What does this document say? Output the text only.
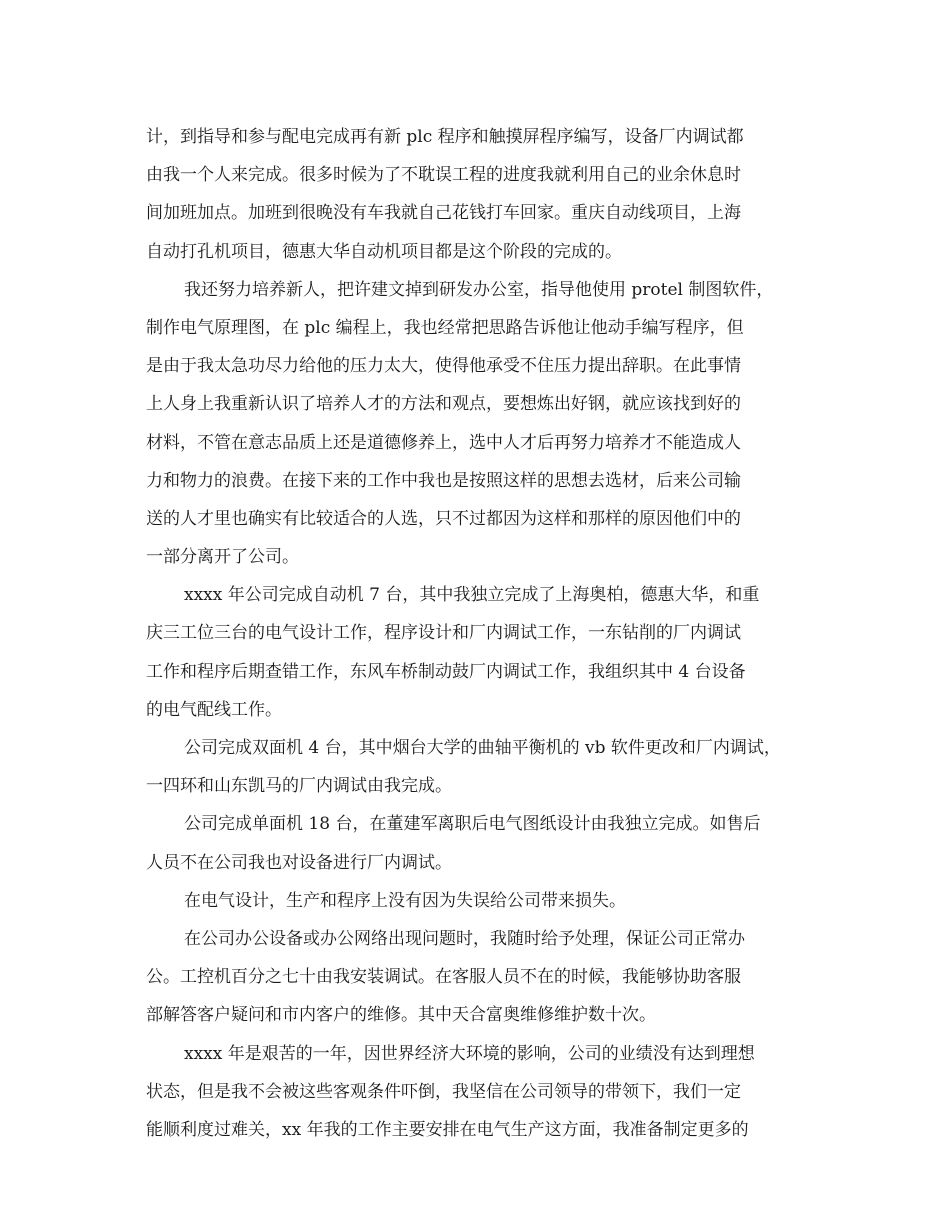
计，到指导和参与配电完成再有新 plc 程序和触摸屏程序编写，设备厂内调试都
由我一个人来完成。很多时候为了不耽误工程的进度我就利用自己的业余休息时
间加班加点。加班到很晚没有车我就自己花钱打车回家。重庆自动线项目，上海
自动打孔机项目，德惠大华自动机项目都是这个阶段的完成的。
我还努力培养新人，把许建文掉到研发办公室，指导他使用 protel 制图软件，
制作电气原理图，在 plc 编程上，我也经常把思路告诉他让他动手编写程序，但
是由于我太急功尽力给他的压力太大，使得他承受不住压力提出辞职。在此事情
上人身上我重新认识了培养人才的方法和观点，要想炼出好钢，就应该找到好的
材料，不管在意志品质上还是道德修养上，选中人才后再努力培养才不能造成人
力和物力的浪费。在接下来的工作中我也是按照这样的思想去选材，后来公司输
送的人才里也确实有比较适合的人选，只不过都因为这样和那样的原因他们中的
一部分离开了公司。
xxxx 年公司完成自动机 7 台，其中我独立完成了上海奥柏，德惠大华，和重
庆三工位三台的电气设计工作，程序设计和厂内调试工作，一东钻削的厂内调试
工作和程序后期查错工作，东风车桥制动鼓厂内调试工作，我组织其中 4 台设备
的电气配线工作。
公司完成双面机 4 台，其中烟台大学的曲轴平衡机的 vb 软件更改和厂内调试，
一四环和山东凯马的厂内调试由我完成。
公司完成单面机 18 台，在董建军离职后电气图纸设计由我独立完成。如售后
人员不在公司我也对设备进行厂内调试。
在电气设计，生产和程序上没有因为失误给公司带来损失。
在公司办公设备或办公网络出现问题时，我随时给予处理，保证公司正常办
公。工控机百分之七十由我安装调试。在客服人员不在的时候，我能够协助客服
部解答客户疑问和市内客户的维修。其中天合富奥维修维护数十次。
xxxx 年是艰苦的一年，因世界经济大环境的影响，公司的业绩没有达到理想
状态，但是我不会被这些客观条件吓倒，我坚信在公司领导的带领下，我们一定
能顺利度过难关，xx 年我的工作主要安排在电气生产这方面，我准备制定更多的
